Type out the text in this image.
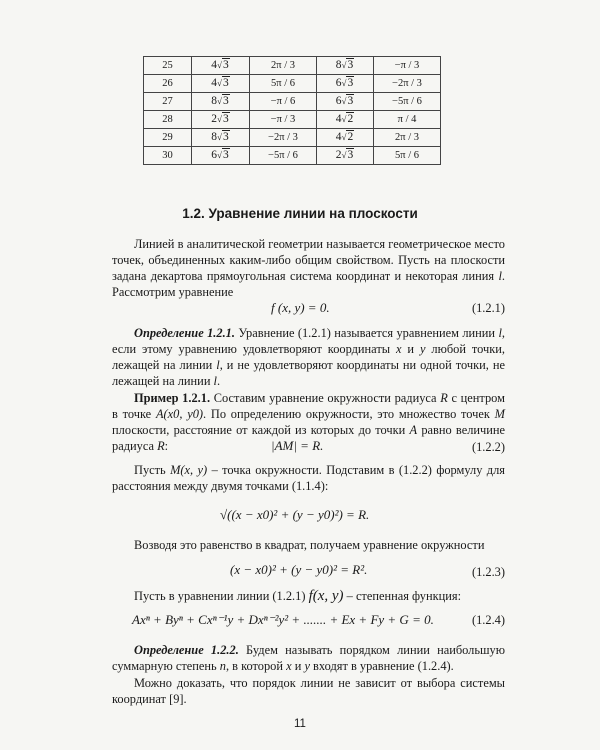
25	4√3	2π / 3	8√3	−π / 3
26	4√3	5π / 6	6√3	−2π / 3
27	8√3	−π / 6	6√3	−5π / 6
28	2√3	−π / 3	4√2	π / 4
29	8√3	−2π / 3	4√2	2π / 3
30	6√3	−5π / 6	2√3	5π / 6
1.2. Уравнение линии на плоскости

Линией в аналитической геометрии называется геометрическое место точек, объединенных каким-либо общим свойством. Пусть на плоскости задана декартова прямоугольная система координат и некоторая линия l. Рассмотрим уравнение

f (x, y) = 0.	(1.2.1)

Определение 1.2.1. Уравнение (1.2.1) называется уравнением линии l, если этому уравнению удовлетворяют координаты x и y любой точки, лежащей на линии l, и не удовлетворяют координаты ни одной точки, не лежащей на линии l.

Пример 1.2.1. Составим уравнение окружности радиуса R с центром в точке A(x0, y0). По определению окружности, это множество точек M плоскости, расстояние от каждой из которых до точки A равно величине радиуса R:	|AM| = R.	(1.2.2)

Пусть M(x, y) – точка окружности. Подставим в (1.2.2) формулу для расстояния между двумя точками (1.1.4):

√((x − x0)² + (y − y0)²) = R.

Возводя это равенство в квадрат, получаем уравнение окружности

(x − x0)² + (y − y0)² = R².	(1.2.3)

Пусть в уравнении линии (1.2.1) f(x, y) – степенная функция:

Axⁿ + Byⁿ + Cxⁿ⁻¹y + Dxⁿ⁻²y² + ....... + Ex + Fy + G = 0.	(1.2.4)

Определение 1.2.2. Будем называть порядком линии наибольшую суммарную степень n, в которой x и y входят в уравнение (1.2.4).

Можно доказать, что порядок линии не зависит от выбора системы координат [9].

11
